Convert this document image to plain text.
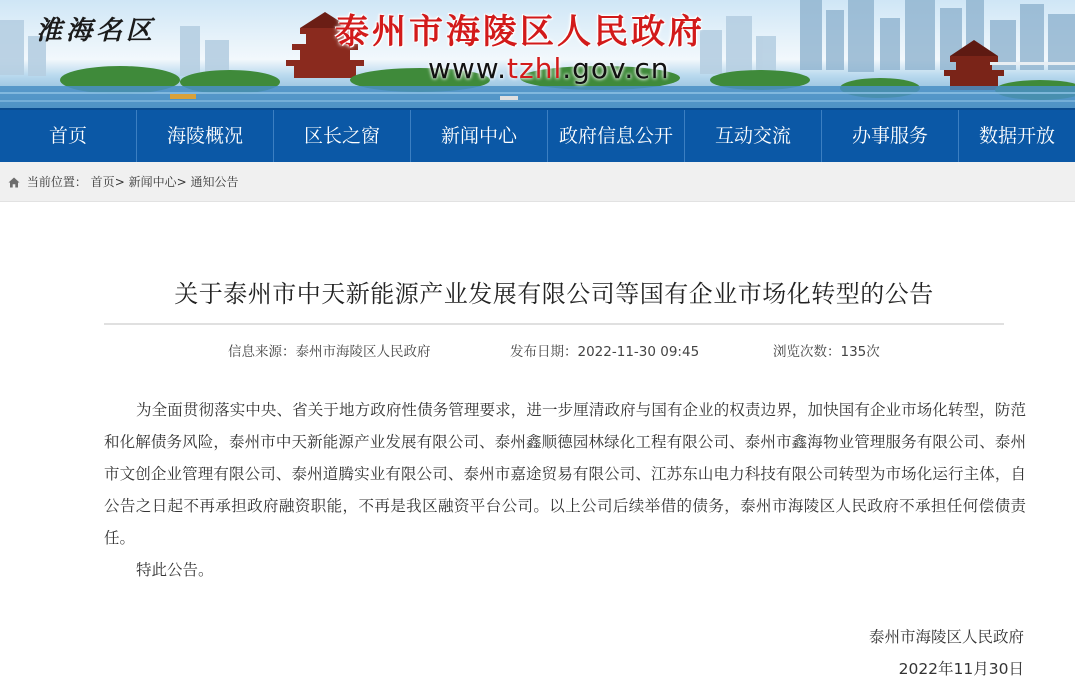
淮海名区	泰州市海陵区人民政府
www.tzhl.gov.cn
首页	海陵概况	区长之窗	新闻中心	政府信息公开	互动交流	办事服务	数据开放
当前位置： 首页> 新闻中心> 通知公告
关于泰州市中天新能源产业发展有限公司等国有企业市场化转型的公告
信息来源：泰州市海陵区人民政府	发布日期：2022-11-30 09:45	浏览次数：135次

为全面贯彻落实中央、省关于地方政府性债务管理要求，进一步厘清政府与国有企业的权责边界，加快国有企业市场化转型，防范和化解债务风险，泰州市中天新能源产业发展有限公司、泰州鑫顺德园林绿化工程有限公司、泰州市鑫海物业管理服务有限公司、泰州市文创企业管理有限公司、泰州道腾实业有限公司、泰州市嘉途贸易有限公司、江苏东山电力科技有限公司转型为市场化运行主体，自公告之日起不再承担政府融资职能，不再是我区融资平台公司。以上公司后续举借的债务，泰州市海陵区人民政府不承担任何偿债责任。

特此公告。

泰州市海陵区人民政府
2022年11月30日
